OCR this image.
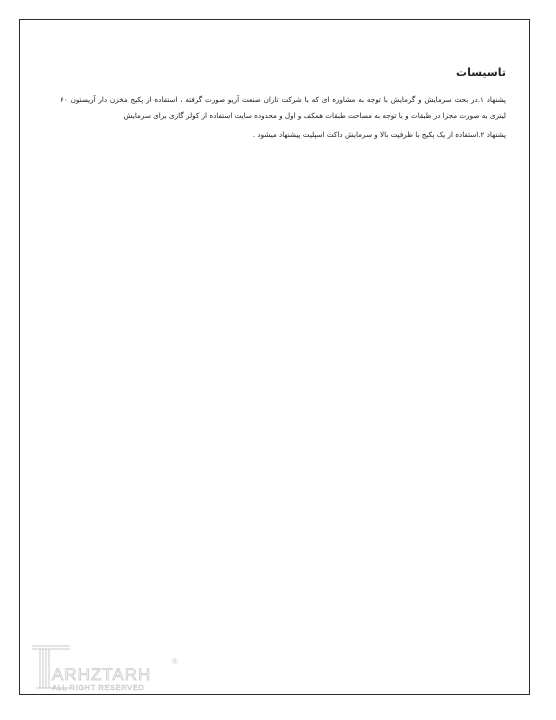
تاسیسات

پشنهاد ۱.در بحث سرمایش و گرمایش با توجه به مشاوره ای که با شرکت تازان صنعت آریو صورت گرفته ، استفاده از پکیج مخزن دار آریستون ۶۰ لیتری به صورت مجزا در طبقات و با توجه به مساحت طبقات همکف و اول و محدوده سایت استفاده از کولر گازی برای سرمایش

پشنهاد ۲.استفاده از یک پکیج با ظرفیت بالا و سرمایش داکت اسپلیت پیشنهاد میشود .

ARHZTARH
®
ALL RIGHT RESERVED
